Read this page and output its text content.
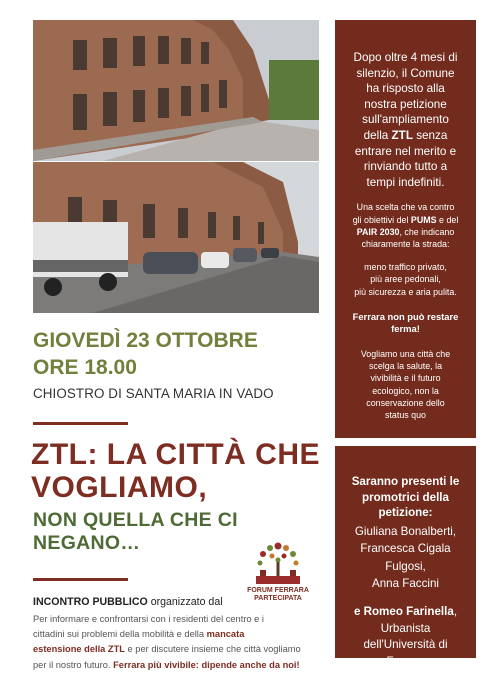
Dopo oltre 4 mesi di
silenzio, il Comune
ha risposto alla
nostra petizione
sull'ampliamento
della ZTL senza
entrare nel merito e
rinviando tutto a
tempi indefiniti.
Una scelta che va contro
gli obiettivi del PUMS e del
PAIR 2030, che indicano
chiaramente la strada:
meno traffico privato,
più aree pedonali,
più sicurezza e aria pulita.
Ferrara non può restare
ferma!
Vogliamo una città che
scelga la salute, la
vivibilità e il futuro
ecologico, non la
conservazione dello
status quo
Saranno presenti le
promotrici della
petizione:
Giuliana Bonalberti,
Francesca Cigala
Fulgosi,
Anna Faccini
e Romeo Farinella,
Urbanista
dell'Università di
Ferrara
GIOVEDÌ 23 OTTOBRE
ORE 18.00
CHIOSTRO DI SANTA MARIA IN VADO
ZTL: LA CITTÀ CHE
VOGLIAMO,
NON QUELLA CHE CI
NEGANO…
FORUM FERRARA
PARTECIPATA
INCONTRO PUBBLICO organizzato dal
Per informare e confrontarsi con i residenti del centro e i
cittadini sui problemi della mobilità e della mancata
estensione della ZTL e per discutere insieme che città vogliamo
per il nostro futuro. Ferrara più vivibile: dipende anche da noi!
